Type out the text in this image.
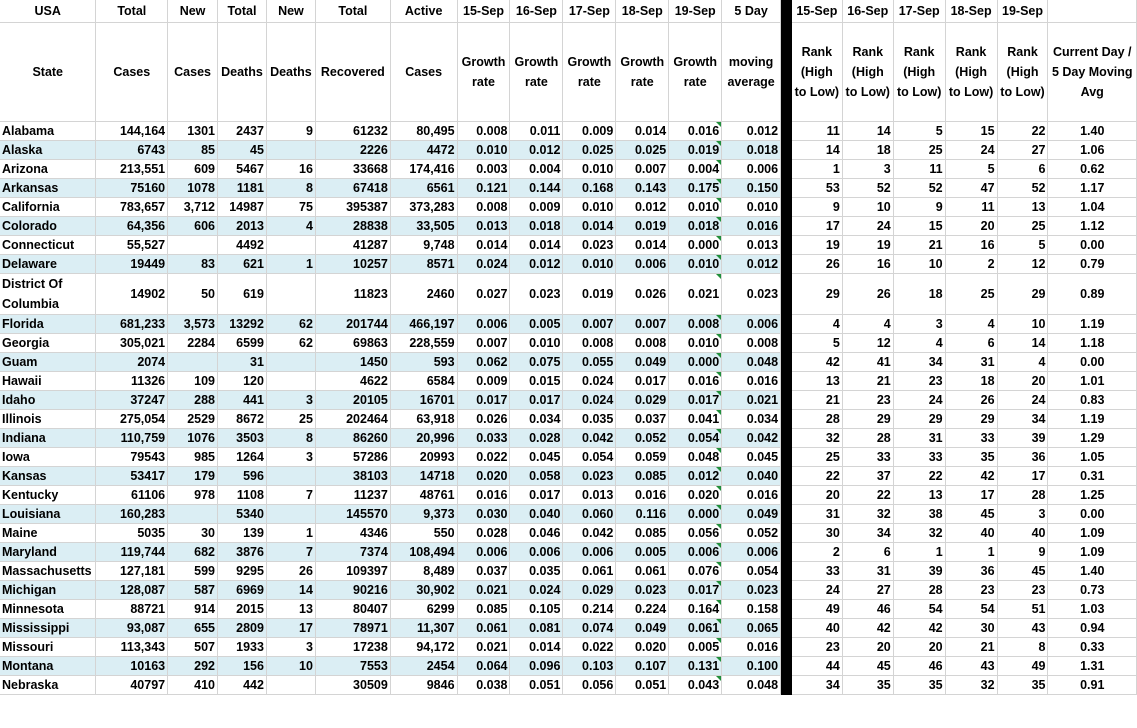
USA	Total	New	Total	New	Total	Active	15-Sep	16-Sep	17-Sep	18-Sep	19-Sep	5 Day		15-Sep	16-Sep	17-Sep	18-Sep	19-Sep	
State	Cases	Cases	Deaths	Deaths	Recovered	Cases	Growth rate	Growth rate	Growth rate	Growth rate	Growth rate	moving average		Rank (High to Low)	Rank (High to Low)	Rank (High to Low)	Rank (High to Low)	Rank (High to Low)	Current Day / 5 Day Moving Avg
Alabama	144,164	1301	2437	9	61232	80,495	0.008	0.011	0.009	0.014	0.016	0.012		11	14	5	15	22	1.40
Alaska	6743	85	45		2226	4472	0.010	0.012	0.025	0.025	0.019	0.018		14	18	25	24	27	1.06
Arizona	213,551	609	5467	16	33668	174,416	0.003	0.004	0.010	0.007	0.004	0.006		1	3	11	5	6	0.62
Arkansas	75160	1078	1181	8	67418	6561	0.121	0.144	0.168	0.143	0.175	0.150		53	52	52	47	52	1.17
California	783,657	3,712	14987	75	395387	373,283	0.008	0.009	0.010	0.012	0.010	0.010		9	10	9	11	13	1.04
Colorado	64,356	606	2013	4	28838	33,505	0.013	0.018	0.014	0.019	0.018	0.016		17	24	15	20	25	1.12
Connecticut	55,527		4492		41287	9,748	0.014	0.014	0.023	0.014	0.000	0.013		19	19	21	16	5	0.00
Delaware	19449	83	621	1	10257	8571	0.024	0.012	0.010	0.006	0.010	0.012		26	16	10	2	12	0.79
District Of Columbia	14902	50	619		11823	2460	0.027	0.023	0.019	0.026	0.021	0.023		29	26	18	25	29	0.89
Florida	681,233	3,573	13292	62	201744	466,197	0.006	0.005	0.007	0.007	0.008	0.006		4	4	3	4	10	1.19
Georgia	305,021	2284	6599	62	69863	228,559	0.007	0.010	0.008	0.008	0.010	0.008		5	12	4	6	14	1.18
Guam	2074		31		1450	593	0.062	0.075	0.055	0.049	0.000	0.048		42	41	34	31	4	0.00
Hawaii	11326	109	120		4622	6584	0.009	0.015	0.024	0.017	0.016	0.016		13	21	23	18	20	1.01
Idaho	37247	288	441	3	20105	16701	0.017	0.017	0.024	0.029	0.017	0.021		21	23	24	26	24	0.83
Illinois	275,054	2529	8672	25	202464	63,918	0.026	0.034	0.035	0.037	0.041	0.034		28	29	29	29	34	1.19
Indiana	110,759	1076	3503	8	86260	20,996	0.033	0.028	0.042	0.052	0.054	0.042		32	28	31	33	39	1.29
Iowa	79543	985	1264	3	57286	20993	0.022	0.045	0.054	0.059	0.048	0.045		25	33	33	35	36	1.05
Kansas	53417	179	596		38103	14718	0.020	0.058	0.023	0.085	0.012	0.040		22	37	22	42	17	0.31
Kentucky	61106	978	1108	7	11237	48761	0.016	0.017	0.013	0.016	0.020	0.016		20	22	13	17	28	1.25
Louisiana	160,283		5340		145570	9,373	0.030	0.040	0.060	0.116	0.000	0.049		31	32	38	45	3	0.00
Maine	5035	30	139	1	4346	550	0.028	0.046	0.042	0.085	0.056	0.052		30	34	32	40	40	1.09
Maryland	119,744	682	3876	7	7374	108,494	0.006	0.006	0.006	0.005	0.006	0.006		2	6	1	1	9	1.09
Massachusetts	127,181	599	9295	26	109397	8,489	0.037	0.035	0.061	0.061	0.076	0.054		33	31	39	36	45	1.40
Michigan	128,087	587	6969	14	90216	30,902	0.021	0.024	0.029	0.023	0.017	0.023		24	27	28	23	23	0.73
Minnesota	88721	914	2015	13	80407	6299	0.085	0.105	0.214	0.224	0.164	0.158		49	46	54	54	51	1.03
Mississippi	93,087	655	2809	17	78971	11,307	0.061	0.081	0.074	0.049	0.061	0.065		40	42	42	30	43	0.94
Missouri	113,343	507	1933	3	17238	94,172	0.021	0.014	0.022	0.020	0.005	0.016		23	20	20	21	8	0.33
Montana	10163	292	156	10	7553	2454	0.064	0.096	0.103	0.107	0.131	0.100		44	45	46	43	49	1.31
Nebraska	40797	410	442		30509	9846	0.038	0.051	0.056	0.051	0.043	0.048		34	35	35	32	35	0.91
